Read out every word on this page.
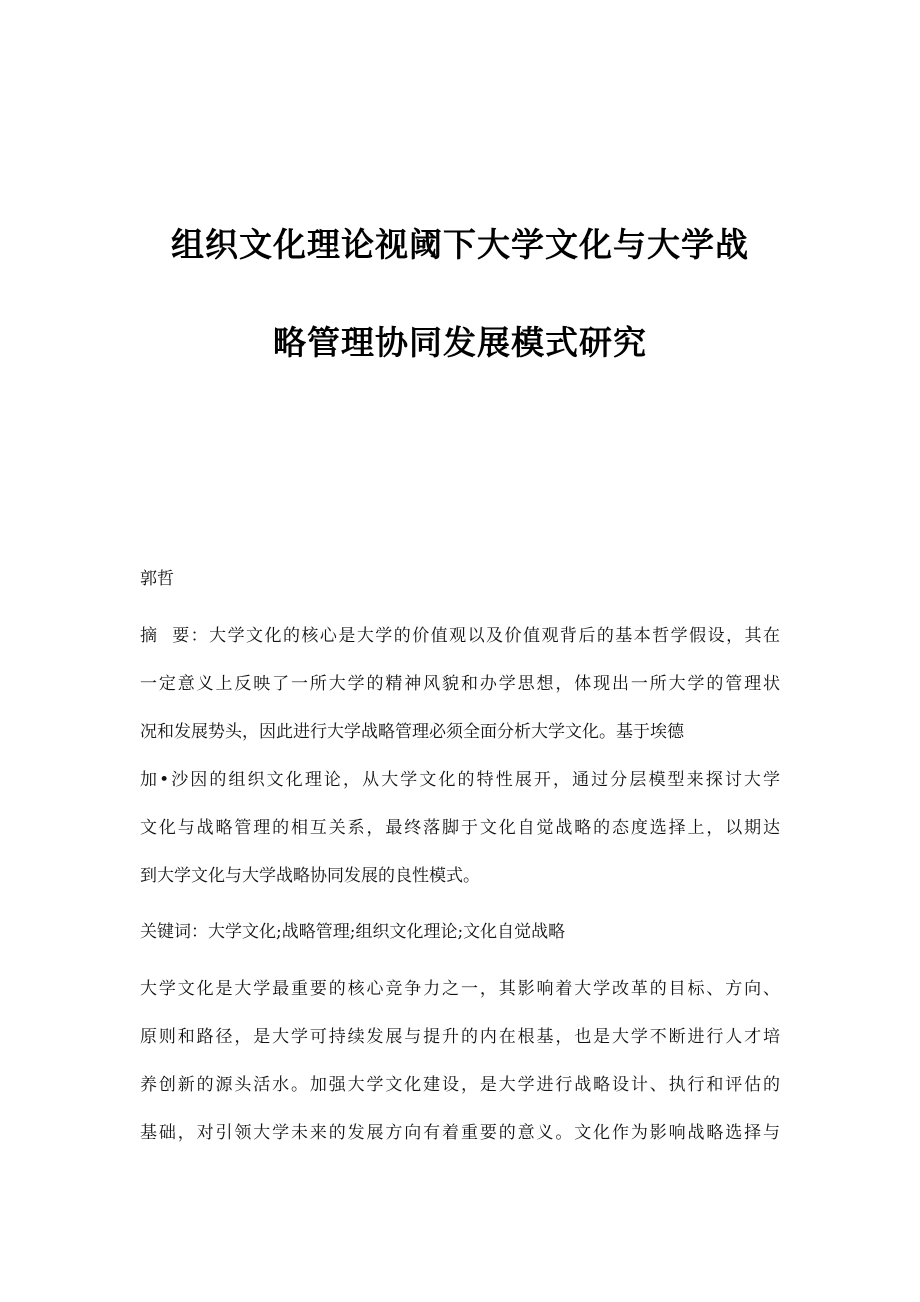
组织文化理论视阈下大学文化与大学战
略管理协同发展模式研究
郭哲
摘  要：大学文化的核心是大学的价值观以及价值观背后的基本哲学假设，其在
一定意义上反映了一所大学的精神风貌和办学思想，体现出一所大学的管理状
况和发展势头，因此进行大学战略管理必须全面分析大学文化。基于埃德
加•沙因的组织文化理论，从大学文化的特性展开，通过分层模型来探讨大学
文化与战略管理的相互关系，最终落脚于文化自觉战略的态度选择上，以期达
到大学文化与大学战略协同发展的良性模式。
关键词：大学文化;战略管理;组织文化理论;文化自觉战略
大学文化是大学最重要的核心竞争力之一，其影响着大学改革的目标、方向、
原则和路径，是大学可持续发展与提升的内在根基，也是大学不断进行人才培
养创新的源头活水。加强大学文化建设，是大学进行战略设计、执行和评估的
基础，对引领大学未来的发展方向有着重要的意义。文化作为影响战略选择与
